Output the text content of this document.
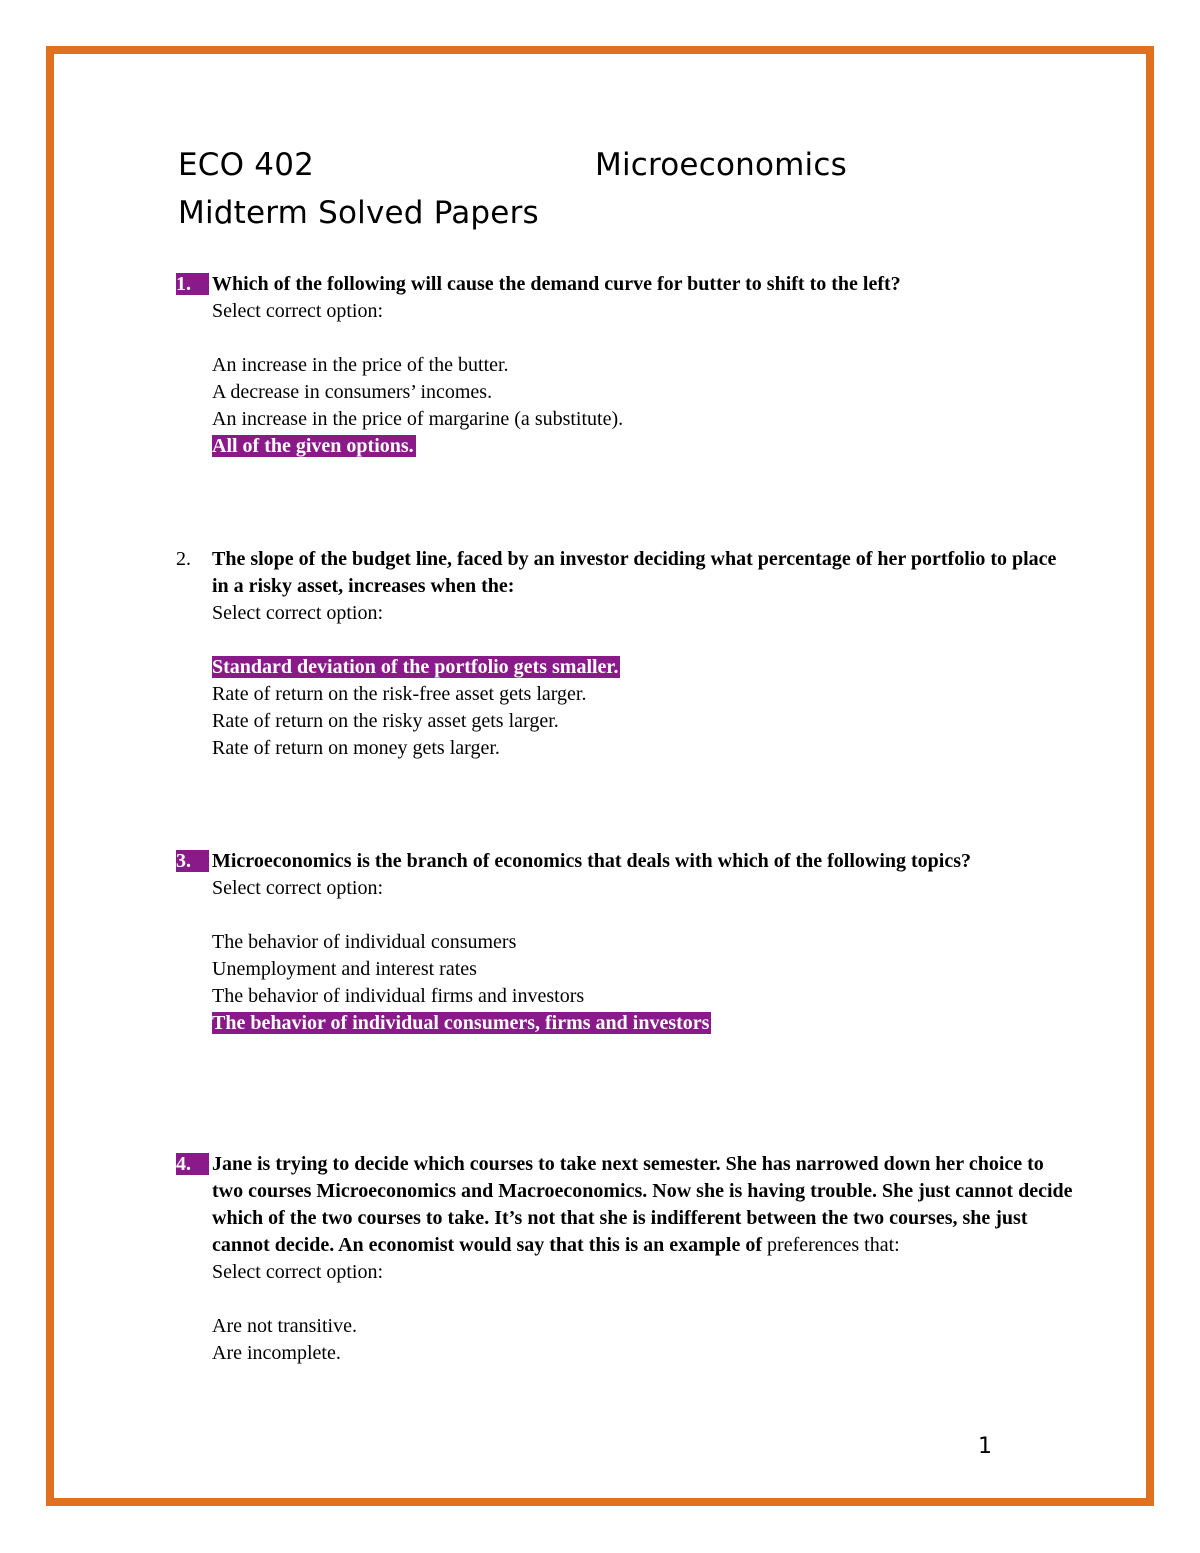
ECO 402	Microeconomics
Midterm Solved Papers
1.	Which of the following will cause the demand curve for butter to shift to the left?
Select correct option:
An increase in the price of the butter.
A decrease in consumers’ incomes.
An increase in the price of margarine (a substitute).
All of the given options.
2.	The slope of the budget line, faced by an investor deciding what percentage of her portfolio to place in a risky asset, increases when the:
Select correct option:
Standard deviation of the portfolio gets smaller.
Rate of return on the risk-free asset gets larger.
Rate of return on the risky asset gets larger.
Rate of return on money gets larger.
3.	Microeconomics is the branch of economics that deals with which of the following topics?
Select correct option:
The behavior of individual consumers
Unemployment and interest rates
The behavior of individual firms and investors
The behavior of individual consumers, firms and investors
4.	Jane is trying to decide which courses to take next semester. She has narrowed down her choice to two courses Microeconomics and Macroeconomics. Now she is having trouble. She just cannot decide which of the two courses to take. It’s not that she is indifferent between the two courses, she just cannot decide. An economist would say that this is an example of preferences that:
Select correct option:
Are not transitive.
Are incomplete.
1
